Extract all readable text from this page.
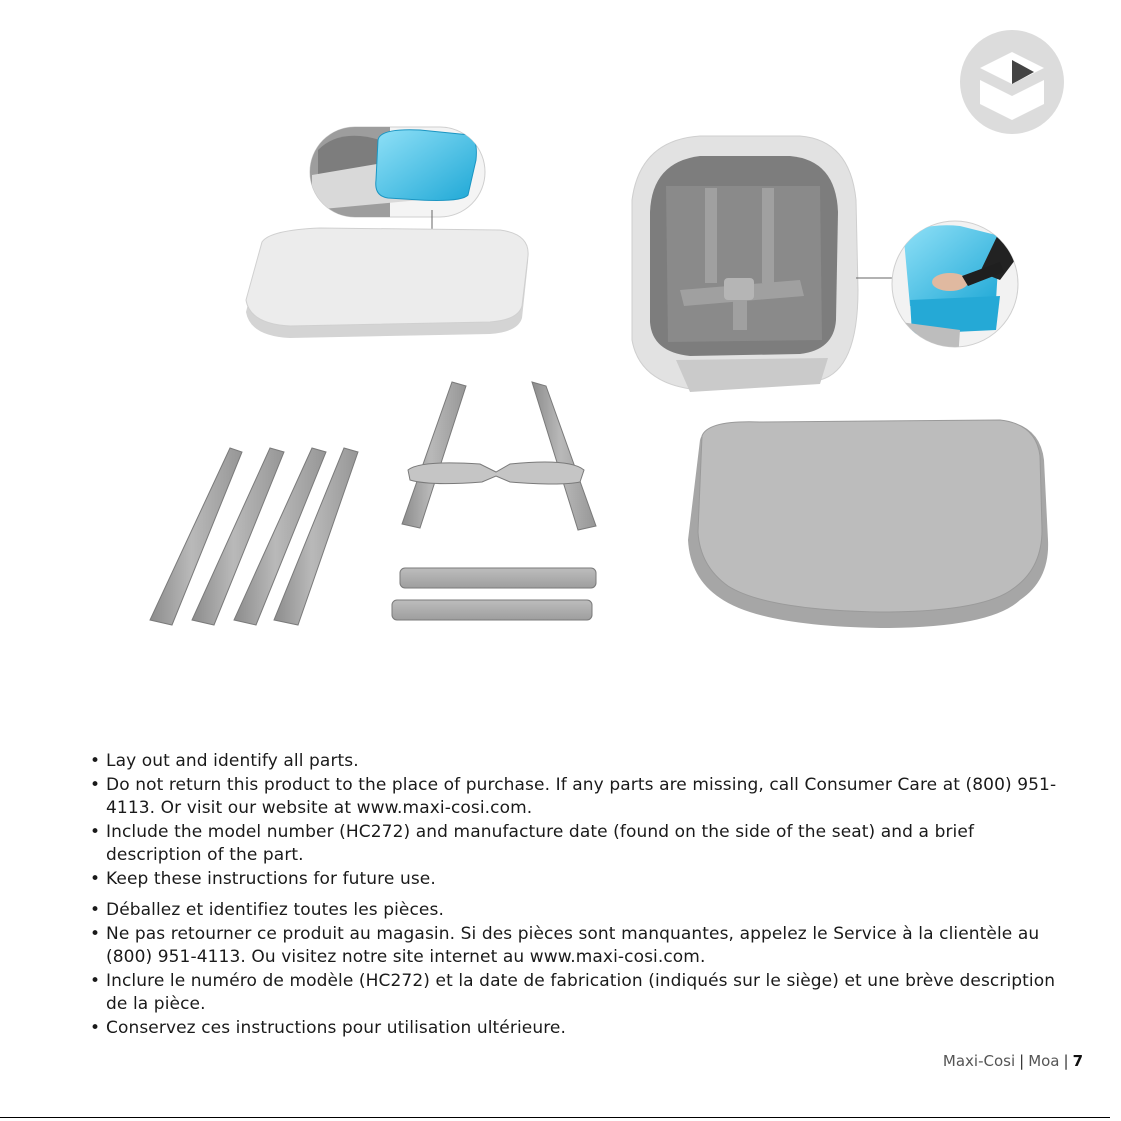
• Lay out and identify all parts.
• Do not return this product to the place of purchase. If any parts are missing, call Consumer Care at (800) 951-4113. Or visit our website at www.maxi-cosi.com.
• Include the model number (HC272) and manufacture date (found on the side of the seat) and a brief description of the part.
• Keep these instructions for future use.
• Déballez et identifiez toutes les pièces.
• Ne pas retourner ce produit au magasin. Si des pièces sont manquantes, appelez le Service à la clientèle au (800) 951-4113. Ou visitez notre site internet au www.maxi-cosi.com.
• Inclure le numéro de modèle (HC272) et la date de fabrication (indiqués sur le siège) et une brève description de la pièce.
• Conservez ces instructions pour utilisation ultérieure.
Maxi-Cosi | Moa | 7
